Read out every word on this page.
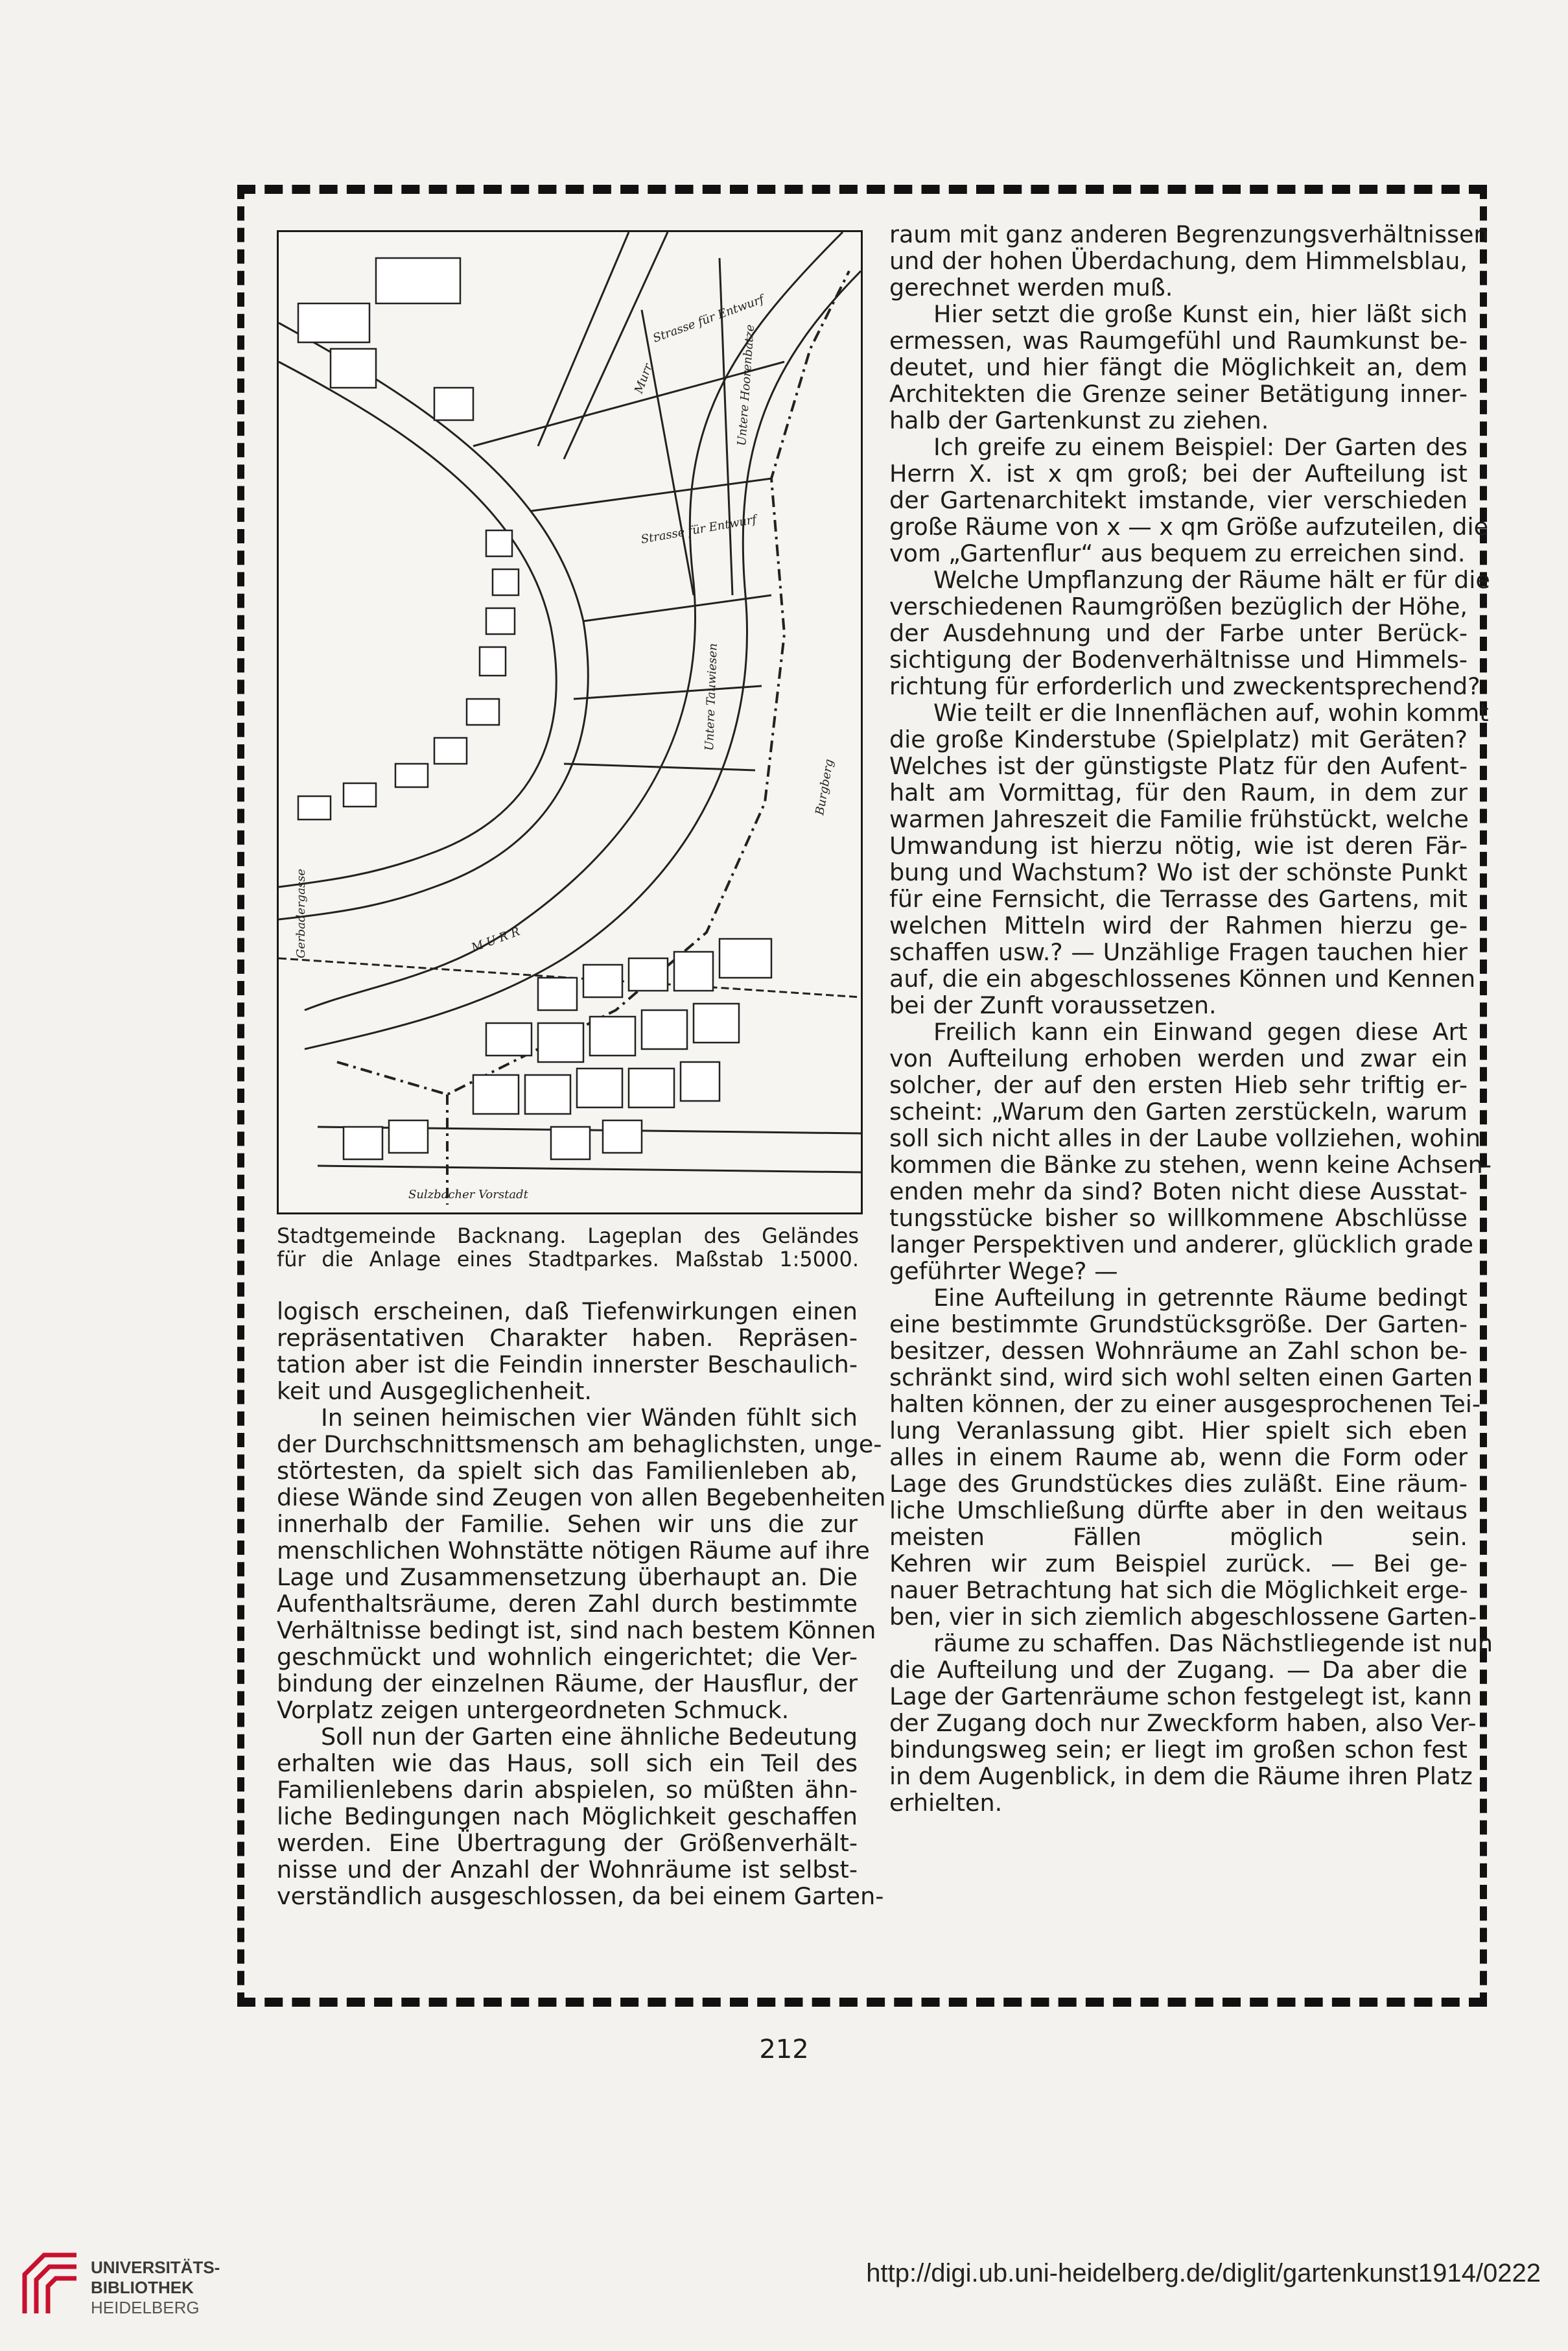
Murr
M U R R
Untere Hoorenbatze
Untere Tauwiesen
Strasse für Entwurf
Strasse für Entwurf
Gerbadergasse
Sulzbacher Vorstadt
Burgberg
Stadtgemeinde Backnang. Lageplan des Geländes
für die Anlage eines Stadtparkes. Maßstab 1:5000.
logisch erscheinen, daß Tiefenwirkungen einen
repräsentativen Charakter haben. Repräsen-
tation aber ist die Feindin innerster Beschaulich-
keit und Ausgeglichenheit.
In seinen heimischen vier Wänden fühlt sich
der Durchschnittsmensch am behaglichsten, unge-
störtesten, da spielt sich das Familienleben ab,
diese Wände sind Zeugen von allen Begebenheiten
innerhalb der Familie. Sehen wir uns die zur
menschlichen Wohnstätte nötigen Räume auf ihre
Lage und Zusammensetzung überhaupt an. Die
Aufenthaltsräume, deren Zahl durch bestimmte
Verhältnisse bedingt ist, sind nach bestem Können
geschmückt und wohnlich eingerichtet; die Ver-
bindung der einzelnen Räume, der Hausflur, der
Vorplatz zeigen untergeordneten Schmuck.
Soll nun der Garten eine ähnliche Bedeutung
erhalten wie das Haus, soll sich ein Teil des
Familienlebens darin abspielen, so müßten ähn-
liche Bedingungen nach Möglichkeit geschaffen
werden. Eine Übertragung der Größenverhält-
nisse und der Anzahl der Wohnräume ist selbst-
verständlich ausgeschlossen, da bei einem Garten-
raum mit ganz anderen Begrenzungsverhältnissen
und der hohen Überdachung, dem Himmelsblau,
gerechnet werden muß.
Hier setzt die große Kunst ein, hier läßt sich
ermessen, was Raumgefühl und Raumkunst be-
deutet, und hier fängt die Möglichkeit an, dem
Architekten die Grenze seiner Betätigung inner-
halb der Gartenkunst zu ziehen.
Ich greife zu einem Beispiel: Der Garten des
Herrn X. ist x qm groß; bei der Aufteilung ist
der Gartenarchitekt imstande, vier verschieden
große Räume von x — x qm Größe aufzuteilen, die
vom „Gartenflur“ aus bequem zu erreichen sind.
Welche Umpflanzung der Räume hält er für die
verschiedenen Raumgrößen bezüglich der Höhe,
der Ausdehnung und der Farbe unter Berück-
sichtigung der Bodenverhältnisse und Himmels-
richtung für erforderlich und zweckentsprechend?
Wie teilt er die Innenflächen auf, wohin kommt
die große Kinderstube (Spielplatz) mit Geräten?
Welches ist der günstigste Platz für den Aufent-
halt am Vormittag, für den Raum, in dem zur
warmen Jahreszeit die Familie frühstückt, welche
Umwandung ist hierzu nötig, wie ist deren Fär-
bung und Wachstum? Wo ist der schönste Punkt
für eine Fernsicht, die Terrasse des Gartens, mit
welchen Mitteln wird der Rahmen hierzu ge-
schaffen usw.? — Unzählige Fragen tauchen hier
auf, die ein abgeschlossenes Können und Kennen
bei der Zunft voraussetzen.
Freilich kann ein Einwand gegen diese Art
von Aufteilung erhoben werden und zwar ein
solcher, der auf den ersten Hieb sehr triftig er-
scheint: „Warum den Garten zerstückeln, warum
soll sich nicht alles in der Laube vollziehen, wohin
kommen die Bänke zu stehen, wenn keine Achsen-
enden mehr da sind? Boten nicht diese Ausstat-
tungsstücke bisher so willkommene Abschlüsse
langer Perspektiven und anderer, glücklich grade
geführter Wege? —
Eine Aufteilung in getrennte Räume bedingt
eine bestimmte Grundstücksgröße. Der Garten-
besitzer, dessen Wohnräume an Zahl schon be-
schränkt sind, wird sich wohl selten einen Garten
halten können, der zu einer ausgesprochenen Tei-
lung Veranlassung gibt. Hier spielt sich eben
alles in einem Raume ab, wenn die Form oder
Lage des Grundstückes dies zuläßt. Eine räum-
liche Umschließung dürfte aber in den weitaus
meisten Fällen möglich sein.
Kehren wir zum Beispiel zurück. — Bei ge-
nauer Betrachtung hat sich die Möglichkeit erge-
ben, vier in sich ziemlich abgeschlossene Garten-
räume zu schaffen. Das Nächstliegende ist nun
die Aufteilung und der Zugang. — Da aber die
Lage der Gartenräume schon festgelegt ist, kann
der Zugang doch nur Zweckform haben, also Ver-
bindungsweg sein; er liegt im großen schon fest
in dem Augenblick, in dem die Räume ihren Platz
erhielten.
212
UNIVERSITÄTS-
BIBLIOTHEK
HEIDELBERG
http://digi.ub.uni-heidelberg.de/diglit/gartenkunst1914/0222
